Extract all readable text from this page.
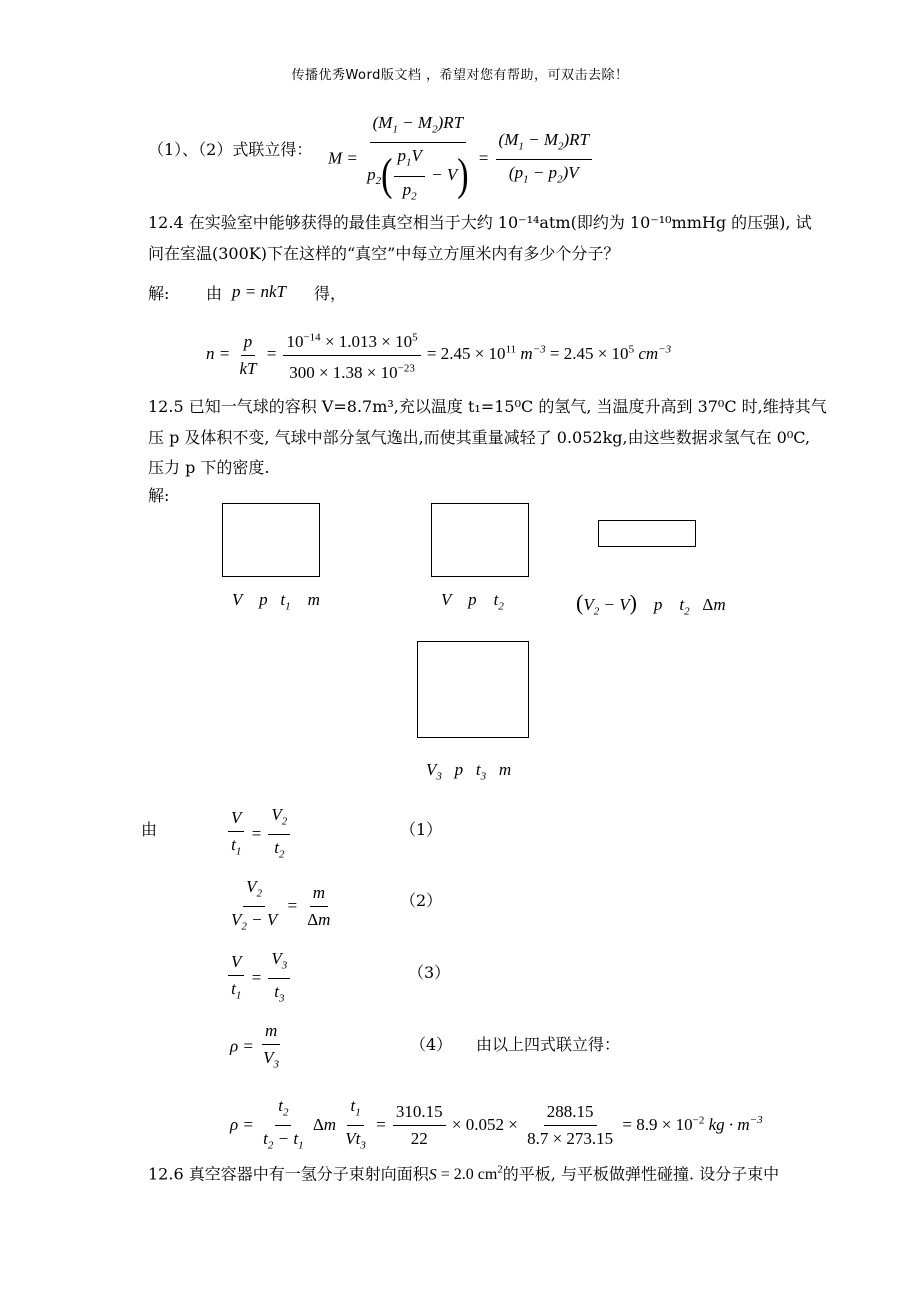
传播优秀Word版文档 ，希望对您有帮助，可双击去除！
（1）、（2）式联立得： $M = \frac{(M_1 - M_2)RT}{p_2( \frac{p_1V}{p_2} - V)} = \frac{(M_1 - M_2)RT}{(p_1 - p_2)V}$
12.4 在实验室中能够获得的最佳真空相当于大约 10⁻¹⁴atm(即约为 10⁻¹⁰mmHg 的压强), 试
问在室温(300K)下在这样的“真空”中每立方厘米内有多少个分子？
解: 由 p = nkT 得，
$n = \frac{p}{kT} = \frac{10^{-14} \times 1.013 \times 10^5}{300 \times 1.38 \times 10^{-23}} = 2.45 \times 10^{11}$ $m^{-3} = 2.45 \times 10^5$ $cm^{-3}$
12.5 已知一气球的容积 V=8.7m³,充以温度 t₁=15⁰C 的氢气, 当温度升高到 37⁰C 时,维持其气
压 p 及体积不变, 气球中部分氢气逸出,而使其重量减轻了 0.052kg,由这些数据求氢气在 0⁰C,
压力 p 下的密度.
解:
V    p   $t_1$    m	V    p    $t_2$	$(V_2 - V)$    p    $t_2$ Δm
$V_3$   p   $t_3$   m
由	$\frac{V}{t_1} = \frac{V_2}{t_2}$	（1）
$\frac{V_2}{V_2 - V} = \frac{m}{\Delta m}$	（2）
$\frac{V}{t_1} = \frac{V_3}{t_3}$	（3）
$\rho = \frac{m}{V_3}$	（4） 由以上四式联立得：
$\rho = \frac{t_2}{t_2 - t_1}$ Δm $\frac{t_1}{Vt_3} = \frac{310.15}{22} \times 0.052 \times \frac{288.15}{8.7 \times 273.15} = 8.9 \times 10^{-2}$ kg · $m^{-3}$
12.6 真空容器中有一氢分子束射向面积S = 2.0 $cm^2$的平板, 与平板做弹性碰撞. 设分子束中
